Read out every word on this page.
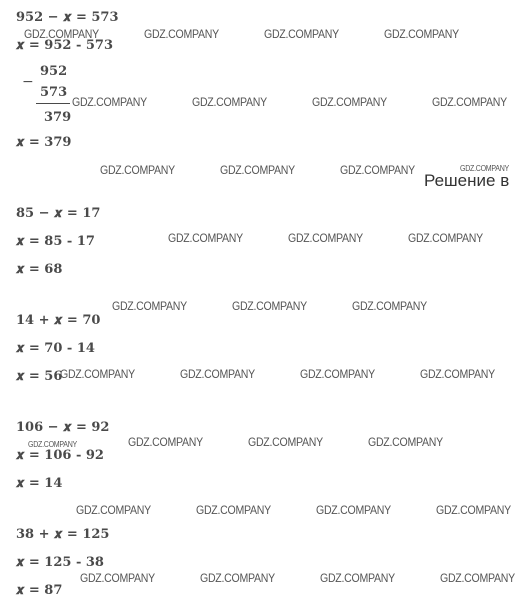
952 − 𝒙 = 573
𝒙 = 952 - 573
−
952
573
379
𝒙 = 379
85 − 𝒙 = 17
𝒙 = 85 - 17
𝒙 = 68
14 + 𝒙 = 70
𝒙 = 70 - 14
𝒙 = 56
106 − 𝒙 = 92
𝒙 = 106 - 92
𝒙 = 14
38 + 𝒙 = 125
𝒙 = 125 - 38
𝒙 = 87
Решение в
GDZ.COMPANY	GDZ.COMPANY	GDZ.COMPANY	GDZ.COMPANY
GDZ.COMPANY	GDZ.COMPANY	GDZ.COMPANY	GDZ.COMPANY
GDZ.COMPANY	GDZ.COMPANY	GDZ.COMPANY	GDZ.COMPANY
GDZ.COMPANY	GDZ.COMPANY	GDZ.COMPANY
GDZ.COMPANY	GDZ.COMPANY	GDZ.COMPANY
GDZ.COMPANY	GDZ.COMPANY	GDZ.COMPANY	GDZ.COMPANY
GDZ.COMPANY	GDZ.COMPANY	GDZ.COMPANY	GDZ.COMPANY
GDZ.COMPANY	GDZ.COMPANY	GDZ.COMPANY	GDZ.COMPANY
GDZ.COMPANY	GDZ.COMPANY	GDZ.COMPANY	GDZ.COMPANY
